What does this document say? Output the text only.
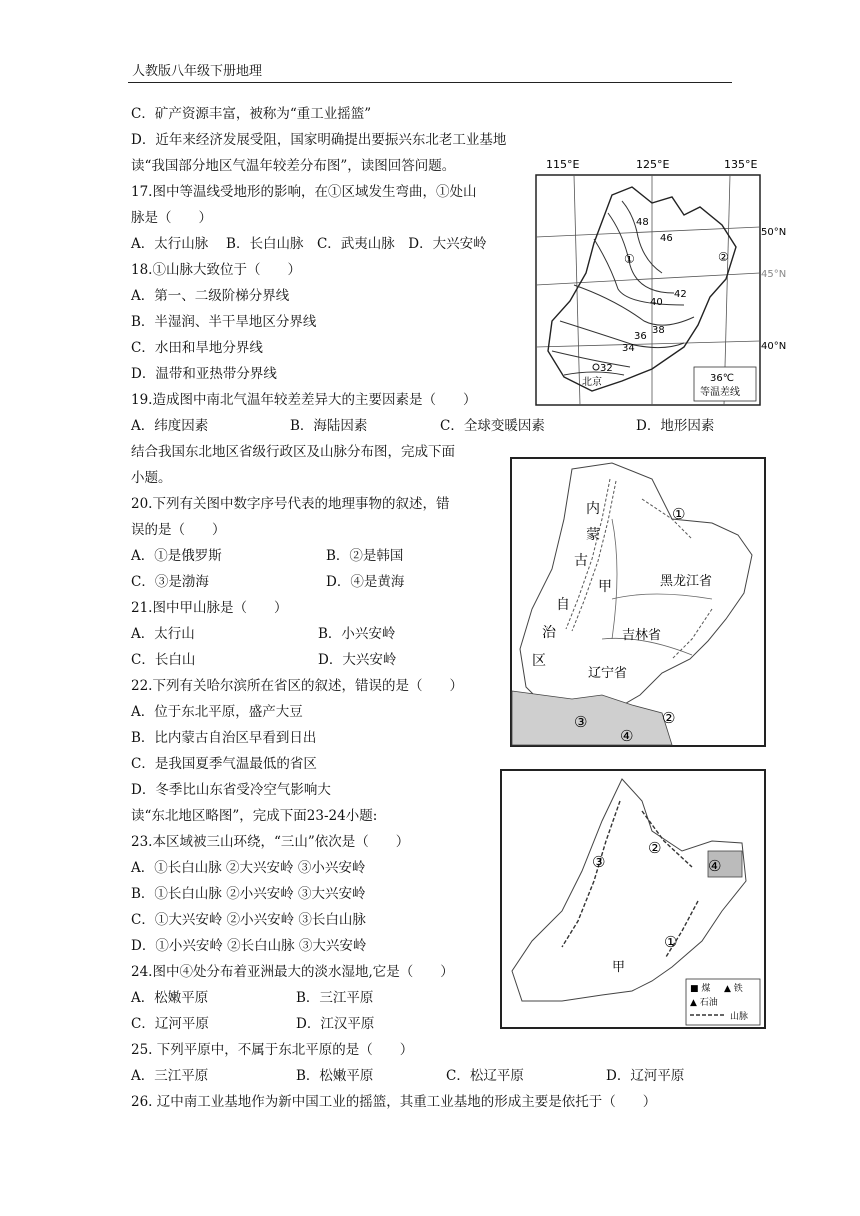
人教版八年级下册地理
C．矿产资源丰富，被称为“重工业摇篮”
D．近年来经济发展受阻，国家明确提出要振兴东北老工业基地
读“我国部分地区气温年较差分布图”，读图回答问题。
17.图中等温线受地形的影响，在①区域发生弯曲，①处山
脉是（　　）
A．太行山脉　 B．长白山脉　C．武夷山脉　D．大兴安岭
18.①山脉大致位于（　　）
A．第一、二级阶梯分界线
B．半湿润、半干旱地区分界线
C．水田和旱地分界线
D．温带和亚热带分界线
19.造成图中南北气温年较差差异大的主要因素是（　　）
A．纬度因素	B．海陆因素	C．全球变暖因素	D．地形因素
结合我国东北地区省级行政区及山脉分布图，完成下面
小题。
20.下列有关图中数字序号代表的地理事物的叙述，错
误的是（　　）
A．①是俄罗斯	B．②是韩国
C．③是渤海	D．④是黄海
21.图中甲山脉是（　　）
A．太行山	B．小兴安岭
C．长白山	D．大兴安岭
22.下列有关哈尔滨所在省区的叙述，错误的是（　　）
A．位于东北平原，盛产大豆
B．比内蒙古自治区早看到日出
C．是我国夏季气温最低的省区
D．冬季比山东省受冷空气影响大
读“东北地区略图”，完成下面23-24小题:
23.本区域被三山环绕，“三山”依次是（　　）
A．①长白山脉 ②大兴安岭 ③小兴安岭
B．①长白山脉 ②小兴安岭 ③大兴安岭
C．①大兴安岭 ②小兴安岭 ③长白山脉
D．①小兴安岭 ②长白山脉 ③大兴安岭
24.图中④处分布着亚洲最大的淡水湿地,它是（　　）
A．松嫩平原	B．三江平原
C．辽河平原	D．江汉平原
25. 下列平原中，不属于东北平原的是（　　）
A．三江平原	B．松嫩平原	C．松辽平原	D．辽河平原
26. 辽中南工业基地作为新中国工业的摇篮，其重工业基地的形成主要是依托于（　　）
115°E	125°E	135°E
50°N
45°N
40°N
48
46
40
42
38
36
34
32
①	②
北京	36℃
等温差线
内
蒙
古
自
治
区
甲	黑龙江省
吉林省
辽宁省
①
②
③
④
③
②
④
①
甲
■ 煤 ▲ 铁
▲ 石油
山脉
